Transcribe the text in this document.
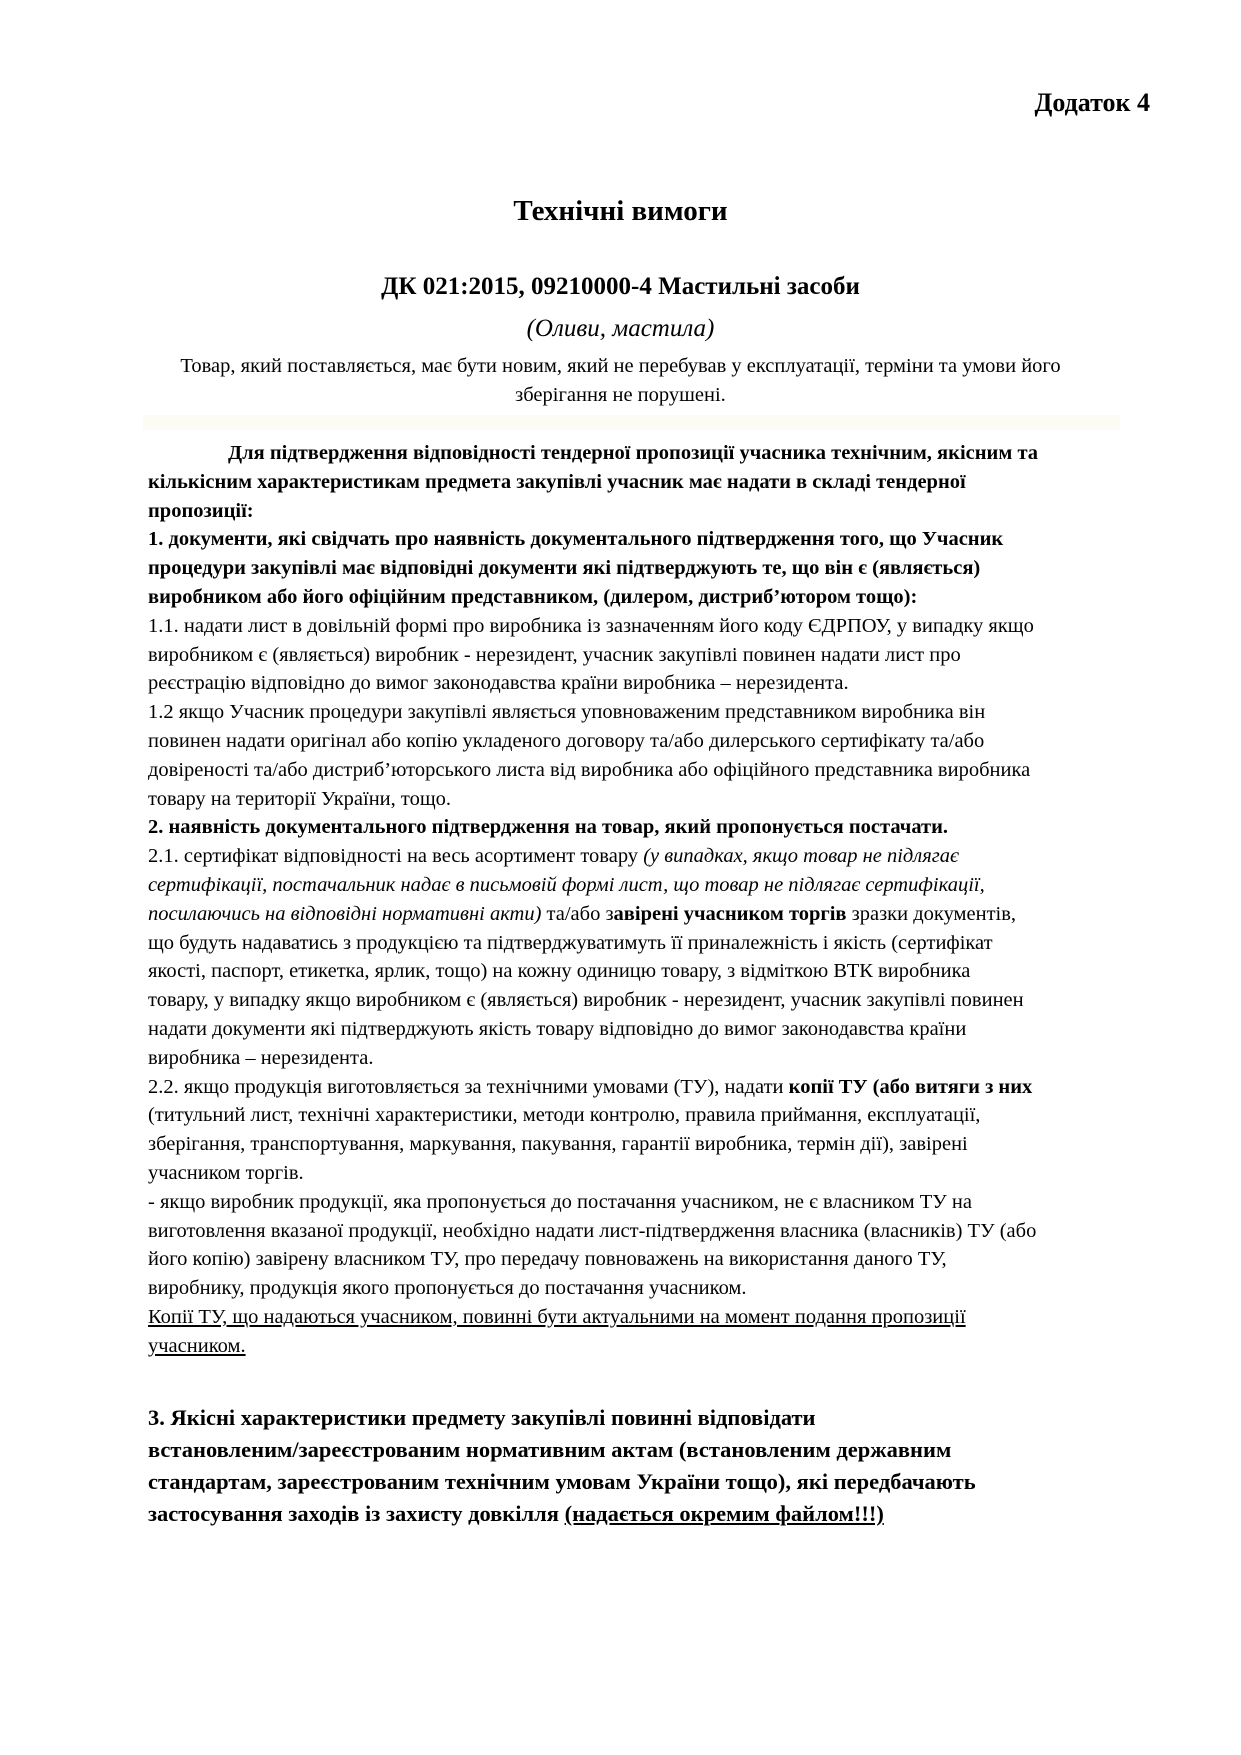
Додаток 4
Технічні вимоги
ДК 021:2015, 09210000-4 Мастильні засоби
(Оливи, мастила)
Товар, який поставляється, має бути новим, який не перебував у експлуатації, терміни та умови його
зберігання не порушені.
Для підтвердження відповідності тендерної пропозиції учасника технічним, якісним та
кількісним характеристикам предмета закупівлі учасник має надати в складі тендерної
пропозиції:
1. документи, які свідчать про наявність документального підтвердження того, що Учасник
процедури закупівлі має відповідні документи які підтверджують те, що він є (являється)
виробником або його офіційним представником, (дилером, дистриб’ютором тощо):
1.1. надати лист в довільній формі про виробника із зазначенням його коду ЄДРПОУ, у випадку якщо
виробником є (являється) виробник - нерезидент, учасник закупівлі повинен надати лист про
реєстрацію відповідно до вимог законодавства країни виробника – нерезидента.
1.2 якщо Учасник процедури закупівлі являється уповноваженим представником виробника він
повинен надати оригінал або копію укладеного договору та/або дилерського сертифікату та/або
довіреності та/або дистриб’юторського листа від виробника або офіційного представника виробника
товару на території України, тощо.
2. наявність документального підтвердження на товар, який пропонується постачати.
2.1. сертифікат відповідності на весь асортимент товару (у випадках, якщо товар не підлягає
сертифікації, постачальник надає в письмовій формі лист, що товар не підлягає сертифікації,
посилаючись на відповідні нормативні акти) та/або завірені учасником торгів зразки документів,
що будуть надаватись з продукцією та підтверджуватимуть її приналежність і якість (сертифікат
якості, паспорт, етикетка, ярлик, тощо) на кожну одиницю товару, з відміткою ВТК виробника
товару, у випадку якщо виробником є (являється) виробник - нерезидент, учасник закупівлі повинен
надати документи які підтверджують якість товару відповідно до вимог законодавства країни
виробника – нерезидента.
2.2. якщо продукція виготовляється за технічними умовами (ТУ), надати копії ТУ (або витяги з них
(титульний лист, технічні характеристики, методи контролю, правила приймання, експлуатації,
зберігання, транспортування, маркування, пакування, гарантії виробника, термін дії), завірені
учасником торгів.
- якщо виробник продукції, яка пропонується до постачання учасником, не є власником ТУ на
виготовлення вказаної продукції, необхідно надати лист-підтвердження власника (власників) ТУ (або
його копію) завірену власником ТУ, про передачу повноважень на використання даного ТУ,
виробнику, продукція якого пропонується до постачання учасником.
Копії ТУ, що надаються учасником, повинні бути актуальними на момент подання пропозиції
учасником.
3. Якісні характеристики предмету закупівлі повинні відповідати
встановленим/зареєстрованим нормативним актам (встановленим державним
стандартам, зареєстрованим технічним умовам України тощо), які передбачають
застосування заходів із захисту довкілля (надається окремим файлом!!!)
